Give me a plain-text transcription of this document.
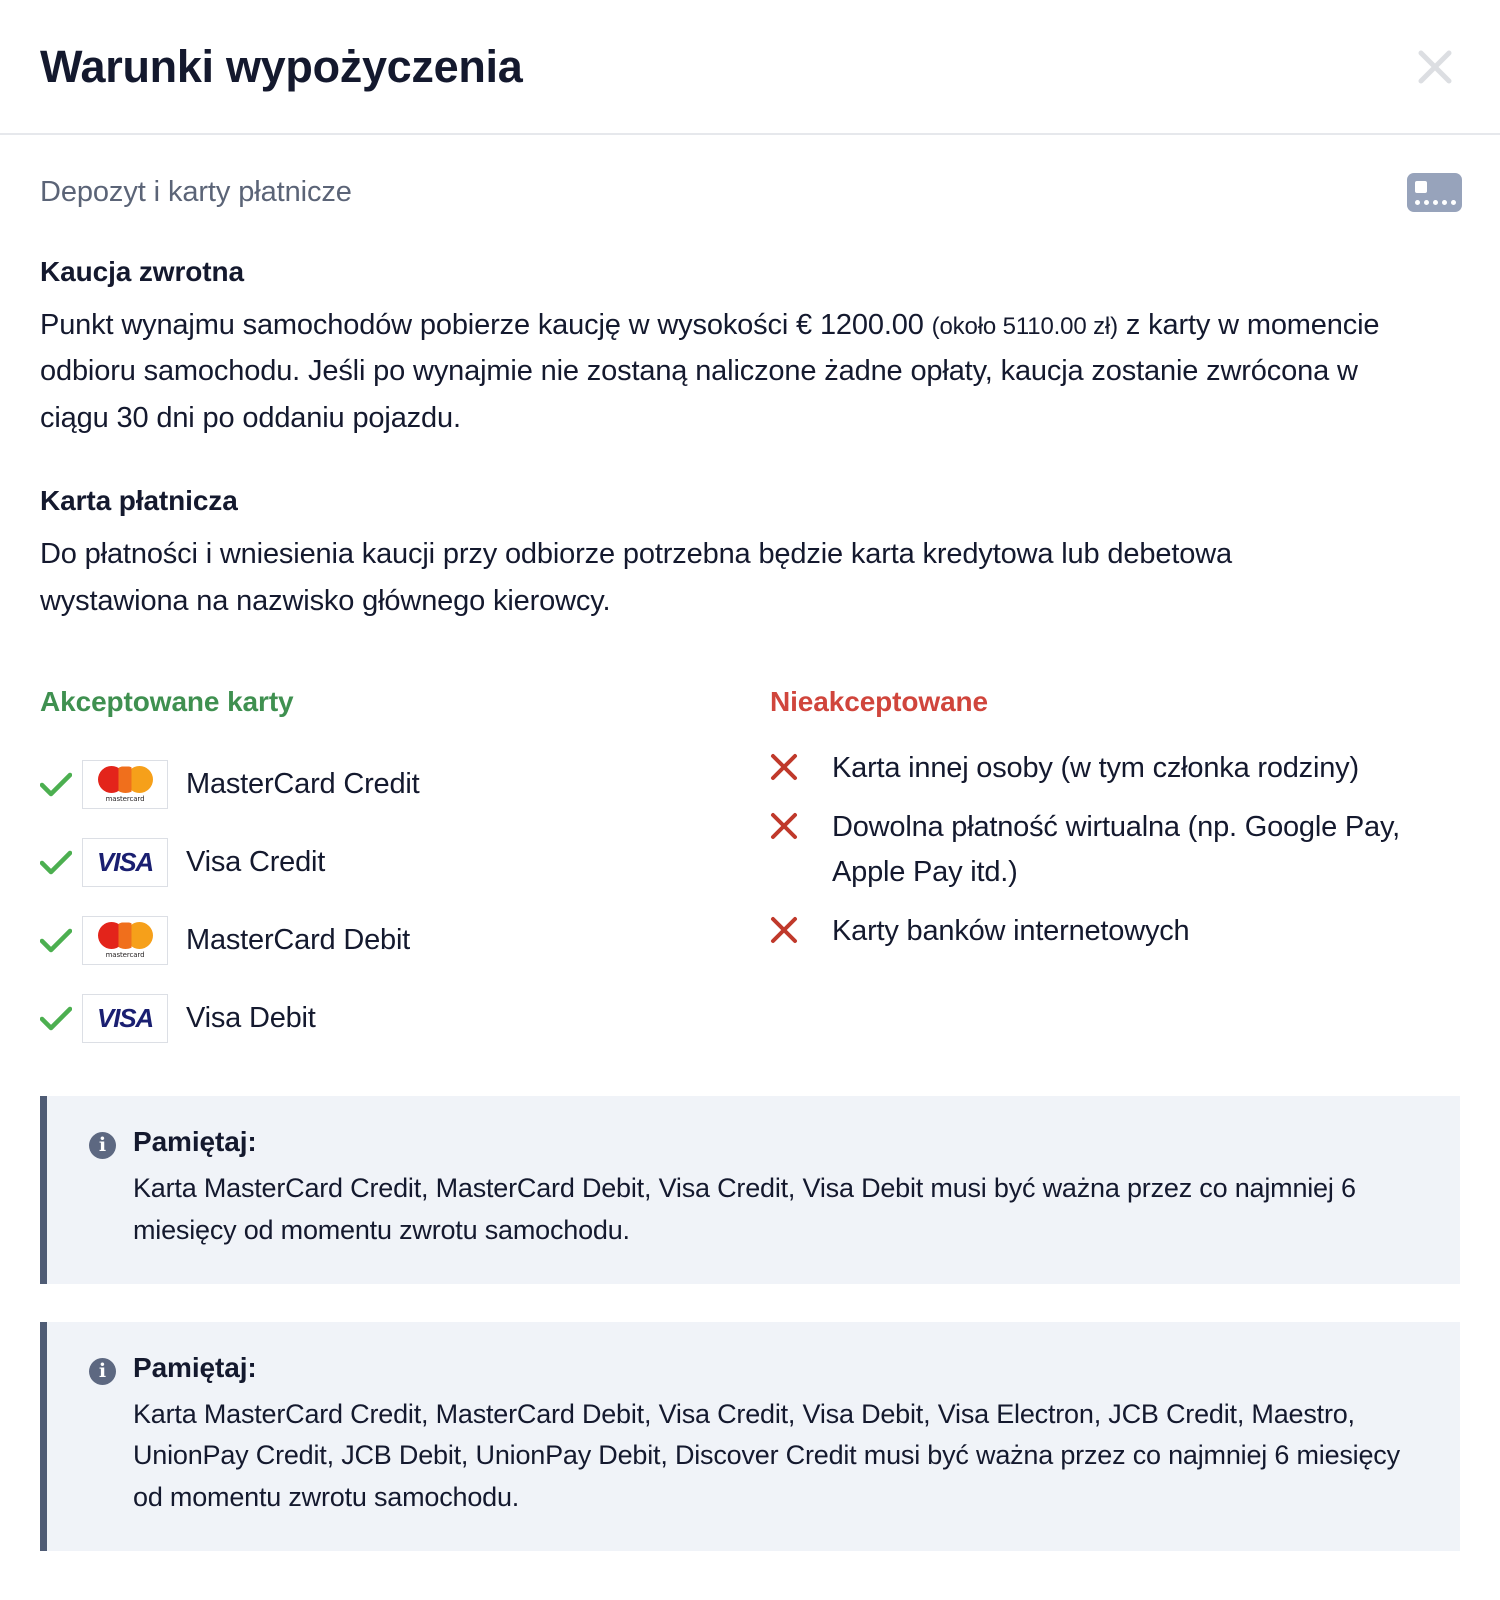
Warunki wypożyczenia
Depozyt i karty płatnicze
Kaucja zwrotna

Punkt wynajmu samochodów pobierze kaucję w wysokości € 1200.00 (około 5110.00 zł) z karty w momencie odbioru samochodu. Jeśli po wynajmie nie zostaną naliczone żadne opłaty, kaucja zostanie zwrócona w ciągu 30 dni po oddaniu pojazdu.

Karta płatnicza

Do płatności i wniesienia kaucji przy odbiorze potrzebna będzie karta kredytowa lub debetowa wystawiona na nazwisko głównego kierowcy.

Akceptowane karty
mastercard MasterCard Credit
VISA Visa Credit
mastercard MasterCard Debit
VISA Visa Debit
Nieakceptowane
Karta innej osoby (w tym członka rodziny)
Dowolna płatność wirtualna (np. Google Pay, Apple Pay itd.)
Karty banków internetowych
i Pamiętaj:
Karta MasterCard Credit, MasterCard Debit, Visa Credit, Visa Debit musi być ważna przez co najmniej 6 miesięcy od momentu zwrotu samochodu.
i Pamiętaj:
Karta MasterCard Credit, MasterCard Debit, Visa Credit, Visa Debit, Visa Electron, JCB Credit, Maestro, UnionPay Credit, JCB Debit, UnionPay Debit, Discover Credit musi być ważna przez co najmniej 6 miesięcy od momentu zwrotu samochodu.
